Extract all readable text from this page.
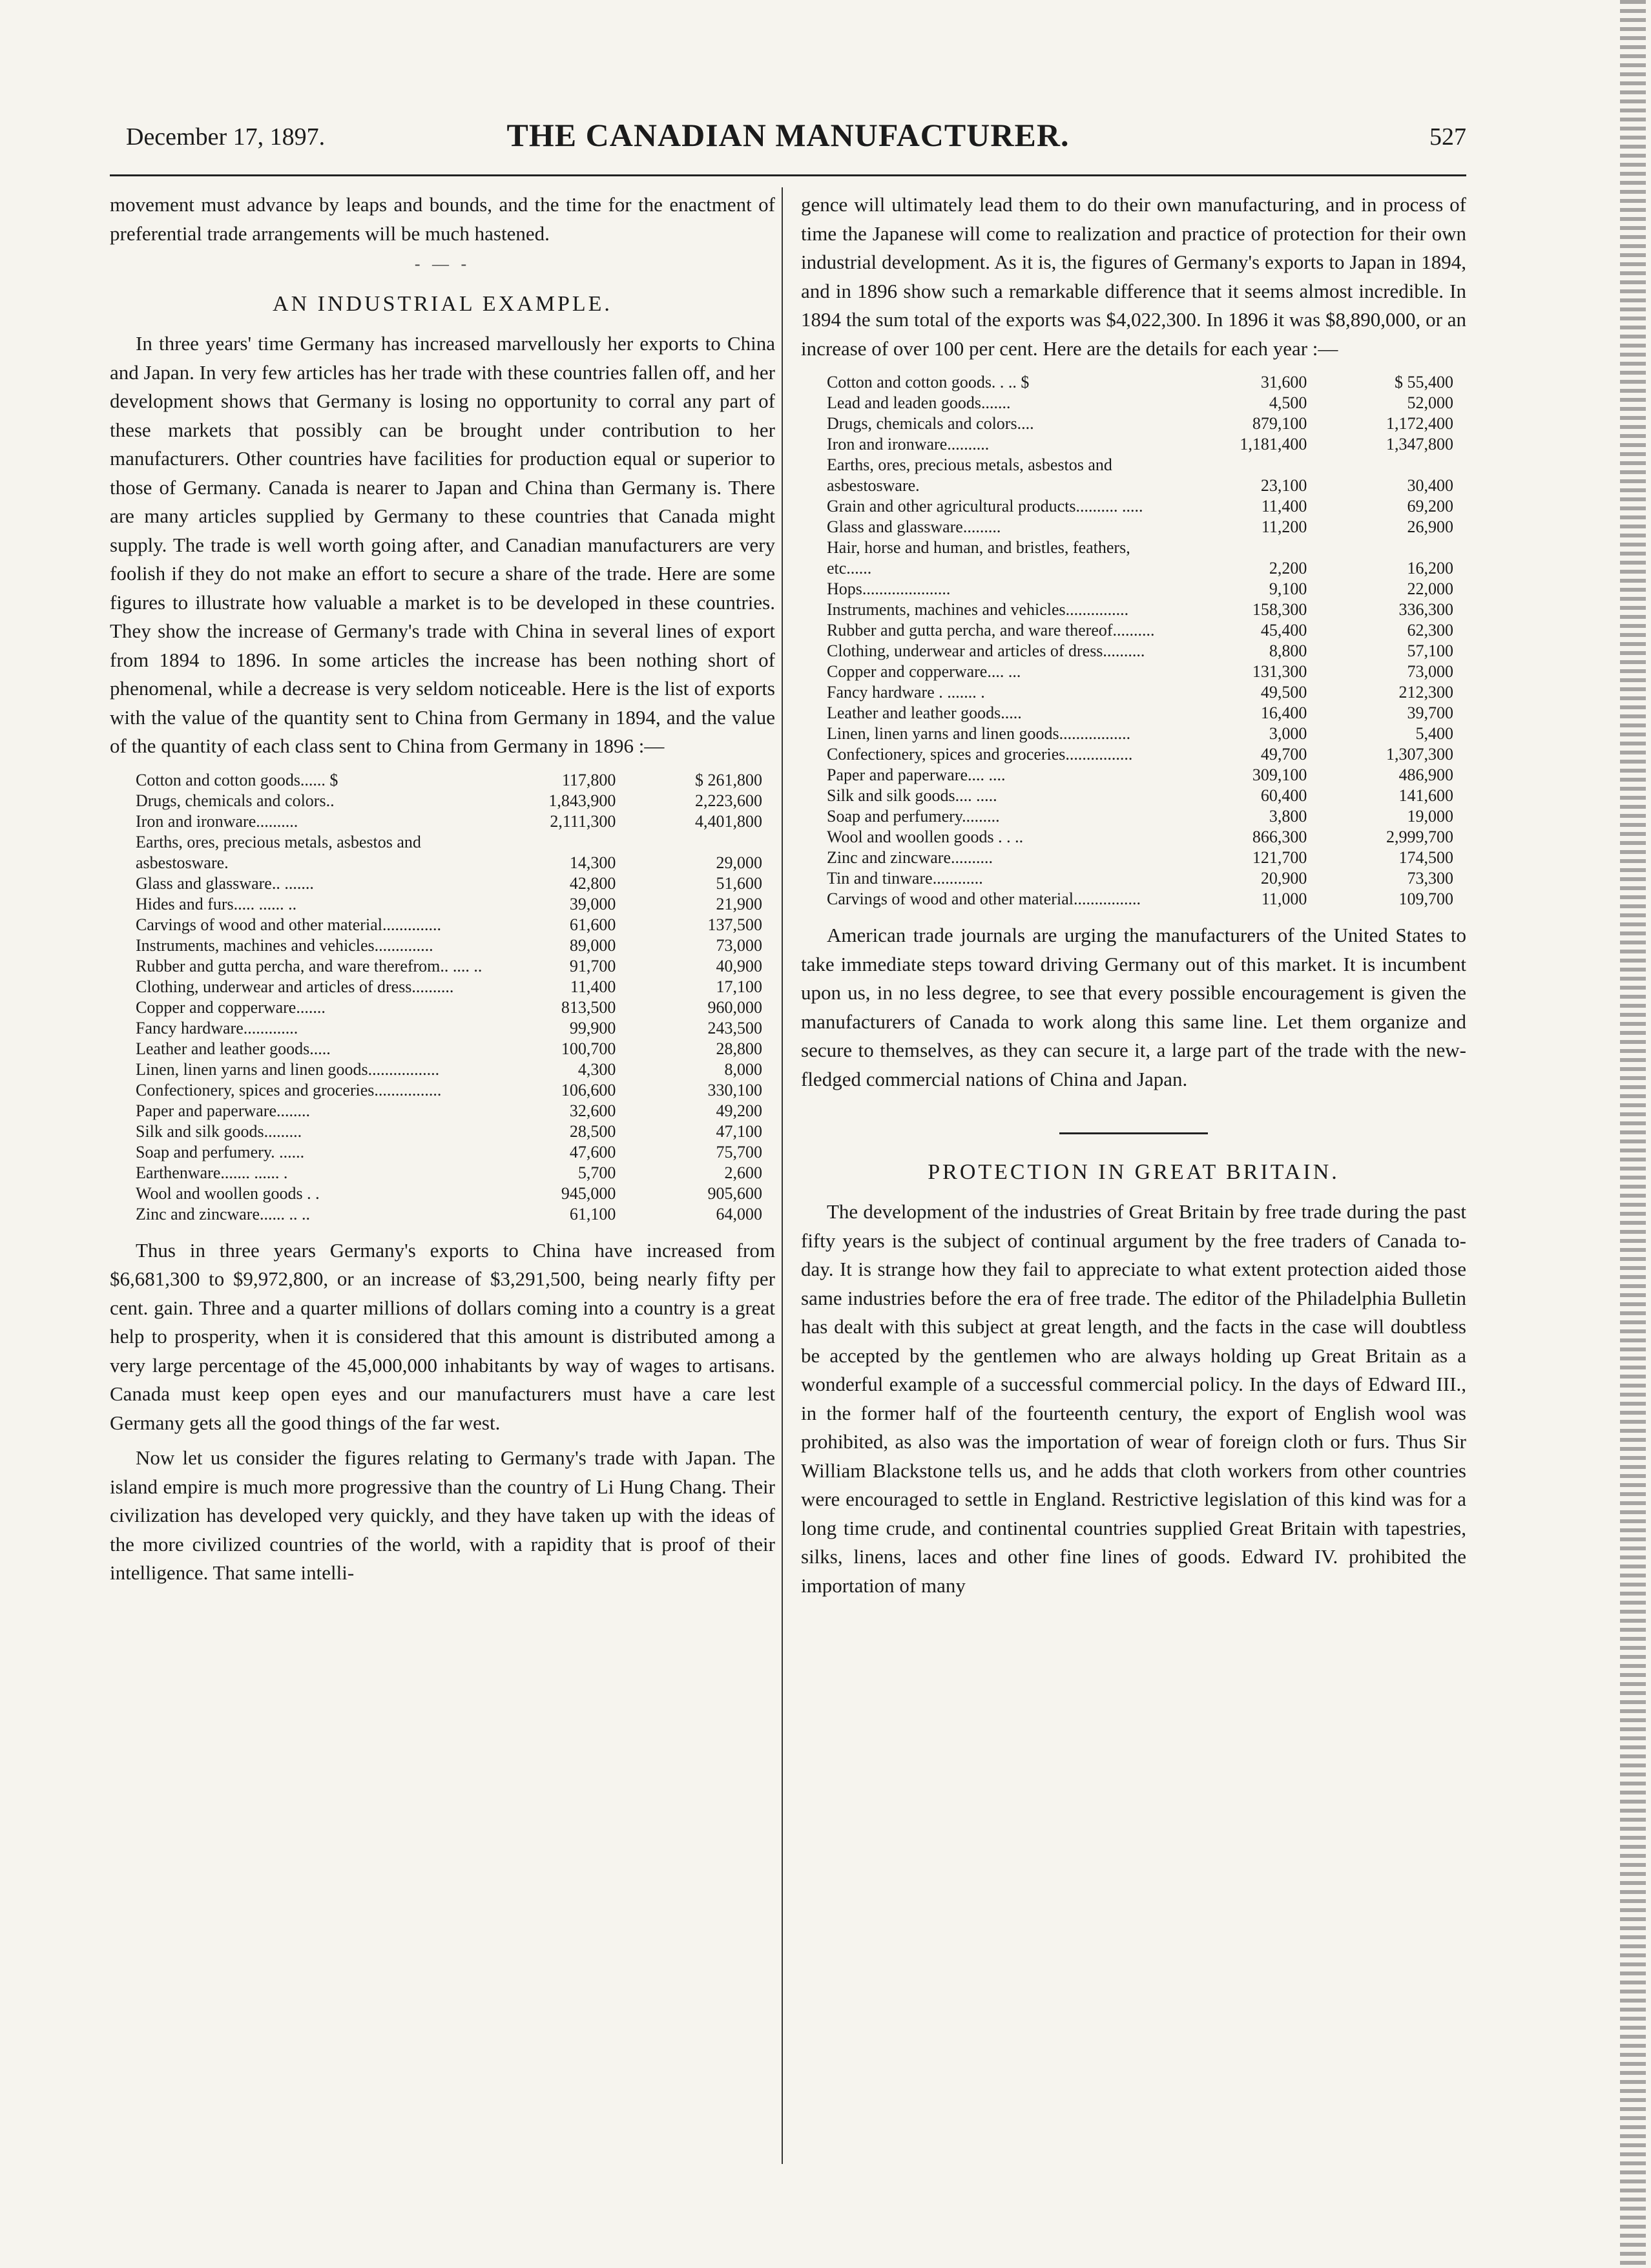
December 17, 1897.	THE CANADIAN MANUFACTURER.	527

movement must advance by leaps and bounds, and the time for the enactment of preferential trade arrangements will be much hastened.

- — -
AN INDUSTRIAL EXAMPLE.

In three years' time Germany has increased marvellously her exports to China and Japan. In very few articles has her trade with these countries fallen off, and her development shows that Germany is losing no opportunity to corral any part of these markets that possibly can be brought under contribution to her manufacturers. Other countries have facilities for production equal or superior to those of Germany. Canada is nearer to Japan and China than Germany is. There are many articles supplied by Germany to these countries that Canada might supply. The trade is well worth going after, and Canadian manufacturers are very foolish if they do not make an effort to secure a share of the trade. Here are some figures to illustrate how valuable a market is to be developed in these countries. They show the increase of Germany's trade with China in several lines of export from 1894 to 1896. In some articles the increase has been nothing short of phenomenal, while a decrease is very seldom noticeable. Here is the list of exports with the value of the quantity sent to China from Germany in 1894, and the value of the quantity of each class sent to China from Germany in 1896 :—

Cotton and cotton goods...... $	117,800	$ 261,800
Drugs, chemicals and colors..	1,843,900	2,223,600
Iron and ironware..........	2,111,300	4,401,800
Earths, ores, precious metals, asbestos and asbestosware.	14,300	29,000
Glass and glassware.. .......	42,800	51,600
Hides and furs..... ...... ..	39,000	21,900
Carvings of wood and other material..............	61,600	137,500
Instruments, machines and vehicles..............	89,000	73,000
Rubber and gutta percha, and ware therefrom.. .... ..	91,700	40,900
Clothing, underwear and articles of dress..........	11,400	17,100
Copper and copperware.......	813,500	960,000
Fancy hardware.............	99,900	243,500
Leather and leather goods.....	100,700	28,800
Linen, linen yarns and linen goods.................	4,300	8,000
Confectionery, spices and groceries................	106,600	330,100
Paper and paperware........	32,600	49,200
Silk and silk goods.........	28,500	47,100
Soap and perfumery. ......	47,600	75,700
Earthenware....... ...... .	5,700	2,600
Wool and woollen goods . .	945,000	905,600
Zinc and zincware...... .. ..	61,100	64,000

Thus in three years Germany's exports to China have increased from $6,681,300 to $9,972,800, or an increase of $3,291,500, being nearly fifty per cent. gain. Three and a quarter millions of dollars coming into a country is a great help to prosperity, when it is considered that this amount is distributed among a very large percentage of the 45,000,000 inhabitants by way of wages to artisans. Canada must keep open eyes and our manufacturers must have a care lest Germany gets all the good things of the far west.

Now let us consider the figures relating to Germany's trade with Japan. The island empire is much more progressive than the country of Li Hung Chang. Their civilization has developed very quickly, and they have taken up with the ideas of the more civilized countries of the world, with a rapidity that is proof of their intelligence. That same intelli-

gence will ultimately lead them to do their own manufacturing, and in process of time the Japanese will come to realization and practice of protection for their own industrial development. As it is, the figures of Germany's exports to Japan in 1894, and in 1896 show such a remarkable difference that it seems almost incredible. In 1894 the sum total of the exports was $4,022,300. In 1896 it was $8,890,000, or an increase of over 100 per cent. Here are the details for each year :—

Cotton and cotton goods. . .. $	31,600	$ 55,400
Lead and leaden goods.......	4,500	52,000
Drugs, chemicals and colors....	879,100	1,172,400
Iron and ironware..........	1,181,400	1,347,800
Earths, ores, precious metals, asbestos and asbestosware.	23,100	30,400
Grain and other agricultural products.......... .....	11,400	69,200
Glass and glassware.........	11,200	26,900
Hair, horse and human, and bristles, feathers, etc......	2,200	16,200
Hops.....................	9,100	22,000
Instruments, machines and vehicles...............	158,300	336,300
Rubber and gutta percha, and ware thereof..........	45,400	62,300
Clothing, underwear and articles of dress..........	8,800	57,100
Copper and copperware.... ...	131,300	73,000
Fancy hardware . ....... .	49,500	212,300
Leather and leather goods.....	16,400	39,700
Linen, linen yarns and linen goods.................	3,000	5,400
Confectionery, spices and groceries................	49,700	1,307,300
Paper and paperware.... ....	309,100	486,900
Silk and silk goods.... .....	60,400	141,600
Soap and perfumery.........	3,800	19,000
Wool and woollen goods . . ..	866,300	2,999,700
Zinc and zincware..........	121,700	174,500
Tin and tinware............	20,900	73,300
Carvings of wood and other material................	11,000	109,700

American trade journals are urging the manufacturers of the United States to take immediate steps toward driving Germany out of this market. It is incumbent upon us, in no less degree, to see that every possible encouragement is given the manufacturers of Canada to work along this same line. Let them organize and secure to themselves, as they can secure it, a large part of the trade with the new-fledged commercial nations of China and Japan.

PROTECTION IN GREAT BRITAIN.

The development of the industries of Great Britain by free trade during the past fifty years is the subject of continual argument by the free traders of Canada to-day. It is strange how they fail to appreciate to what extent protection aided those same industries before the era of free trade. The editor of the Philadelphia Bulletin has dealt with this subject at great length, and the facts in the case will doubtless be accepted by the gentlemen who are always holding up Great Britain as a wonderful example of a successful commercial policy. In the days of Edward III., in the former half of the fourteenth century, the export of English wool was prohibited, as also was the importation of wear of foreign cloth or furs. Thus Sir William Blackstone tells us, and he adds that cloth workers from other countries were encouraged to settle in England. Restrictive legislation of this kind was for a long time crude, and continental countries supplied Great Britain with tapestries, silks, linens, laces and other fine lines of goods. Edward IV. prohibited the importation of many
